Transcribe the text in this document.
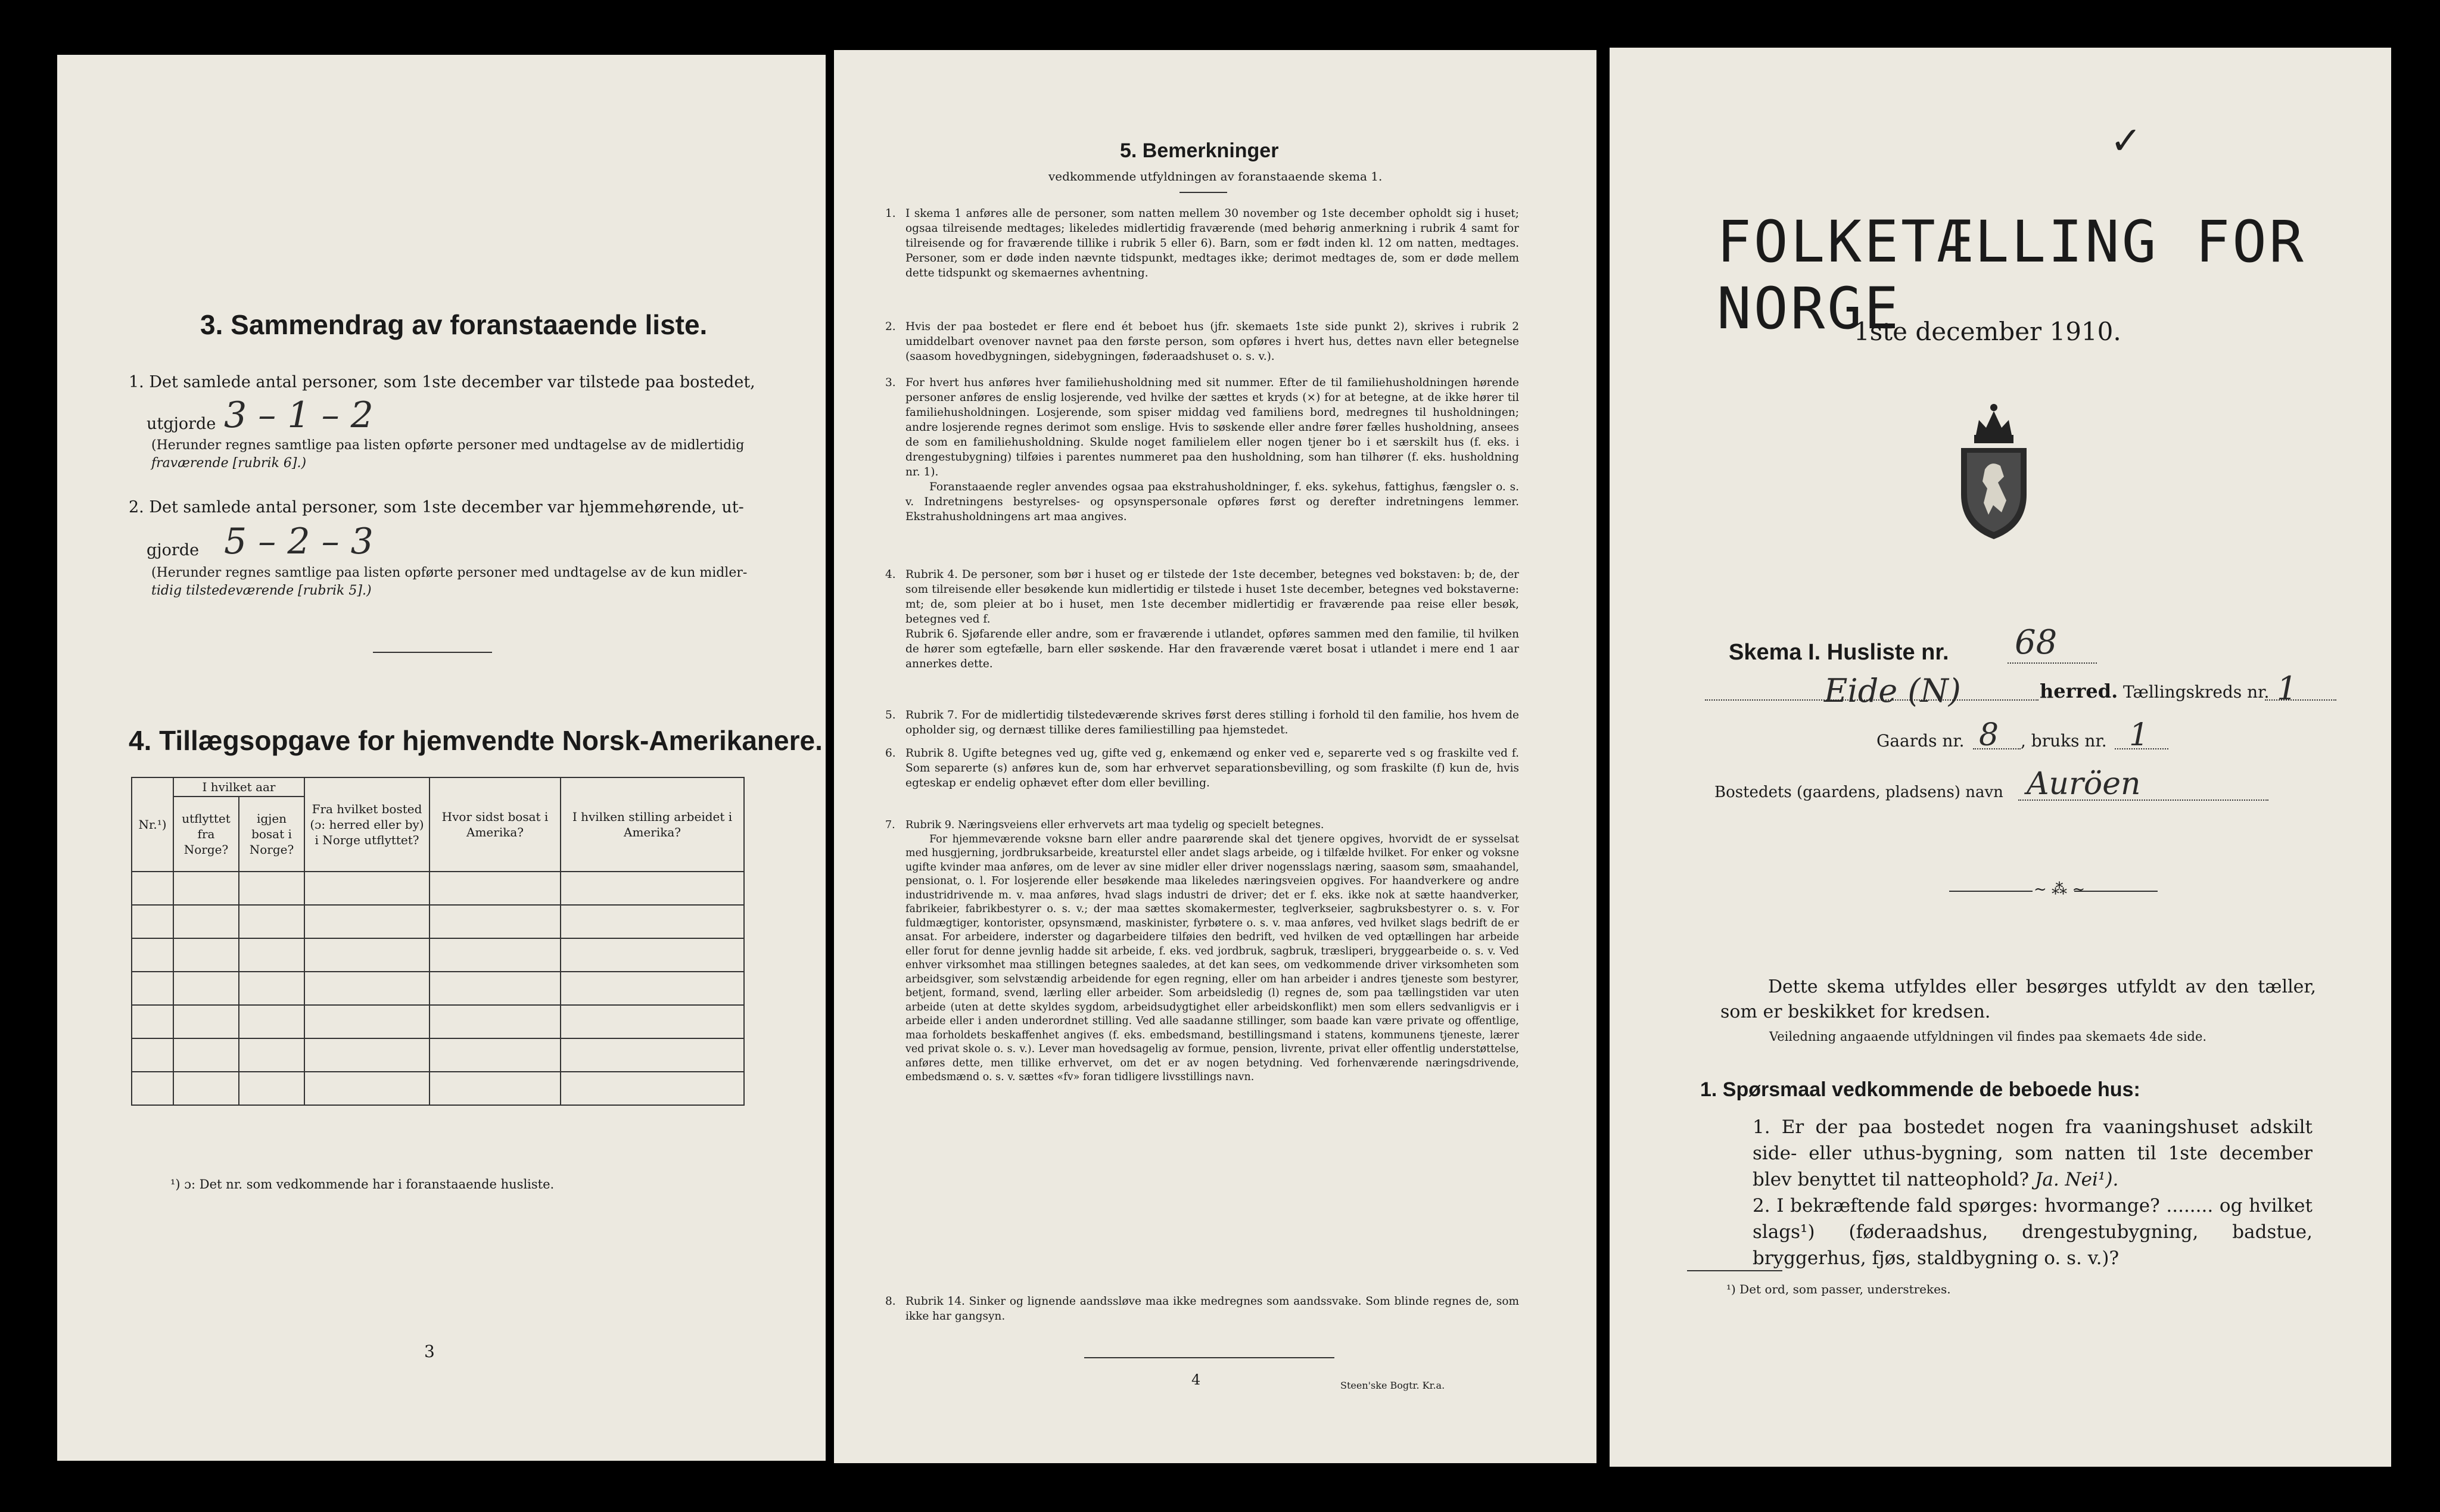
3. Sammendrag av foranstaaende liste.
1. Det samlede antal personer, som 1ste december var tilstede paa bostedet,
utgjorde 3 – 1 – 2
(Herunder regnes samtlige paa listen opførte personer med undtagelse av de midlertidig
fraværende [rubrik 6].)
2. Det samlede antal personer, som 1ste december var hjemmehørende, ut-
gjorde 5 – 2 – 3
(Herunder regnes samtlige paa listen opførte personer med undtagelse av de kun midler-
tidig tilstedeværende [rubrik 5].)
4. Tillægsopgave for hjemvendte Norsk-Amerikanere.
Nr.¹)	I hvilket aar		Fra hvilket bosted (ɔ: herred eller by) i Norge utflyttet?	Hvor sidst bosat i Amerika?	I hvilken stilling arbeidet i Amerika?
	utflyttet fra Norge?	igjen bosat i Norge?			

¹) ɔ: Det nr. som vedkommende har i foranstaaende husliste.
3
5. Bemerkninger
vedkommende utfyldningen av foranstaaende skema 1.
1. I skema 1 anføres alle de personer, som natten mellem 30 november og 1ste december opholdt sig i huset; ogsaa tilreisende medtages; likeledes midlertidig fraværende (med behørig anmerkning i rubrik 4 samt for tilreisende og for fraværende tillike i rubrik 5 eller 6). Barn, som er født inden kl. 12 om natten, medtages. Personer, som er døde inden nævnte tidspunkt, medtages ikke; derimot medtages de, som er døde mellem dette tidspunkt og skemaernes avhentning.

2. Hvis der paa bostedet er flere end ét beboet hus (jfr. skemaets 1ste side punkt 2), skrives i rubrik 2 umiddelbart ovenover navnet paa den første person, som opføres i hvert hus, dettes navn eller betegnelse (saasom hovedbygningen, sidebygningen, føderaadshuset o. s. v.).

3. For hvert hus anføres hver familiehusholdning med sit nummer. Efter de til familiehusholdningen hørende personer anføres de enslig losjerende, ved hvilke der sættes et kryds (×) for at betegne, at de ikke hører til familiehusholdningen. Losjerende, som spiser middag ved familiens bord, medregnes til husholdningen; andre losjerende regnes derimot som enslige. Hvis to søskende eller andre fører fælles husholdning, ansees de som en familiehusholdning. Skulde noget familielem eller nogen tjener bo i et særskilt hus (f. eks. i drengestubygning) tilføies i parentes nummeret paa den husholdning, som han tilhører (f. eks. husholdning nr. 1).

Foranstaaende regler anvendes ogsaa paa ekstrahusholdninger, f. eks. sykehus, fattighus, fængsler o. s. v. Indretningens bestyrelses- og opsynspersonale opføres først og derefter indretningens lemmer. Ekstrahusholdningens art maa angives.

4. Rubrik 4. De personer, som bør i huset og er tilstede der 1ste december, betegnes ved bokstaven: b; de, der som tilreisende eller besøkende kun midlertidig er tilstede i huset 1ste december, betegnes ved bokstaverne: mt; de, som pleier at bo i huset, men 1ste december midlertidig er fraværende paa reise eller besøk, betegnes ved f.

Rubrik 6. Sjøfarende eller andre, som er fraværende i utlandet, opføres sammen med den familie, til hvilken de hører som egtefælle, barn eller søskende. Har den fraværende været bosat i utlandet i mere end 1 aar annerkes dette.

5. Rubrik 7. For de midlertidig tilstedeværende skrives først deres stilling i forhold til den familie, hos hvem de opholder sig, og dernæst tillike deres familiestilling paa hjemstedet.

6. Rubrik 8. Ugifte betegnes ved ug, gifte ved g, enkemænd og enker ved e, separerte ved s og fraskilte ved f. Som separerte (s) anføres kun de, som har erhvervet separationsbevilling, og som fraskilte (f) kun de, hvis egteskap er endelig ophævet efter dom eller bevilling.

7. Rubrik 9. Næringsveiens eller erhvervets art maa tydelig og specielt betegnes.

For hjemmeværende voksne barn eller andre paarørende skal det tjenere opgives, hvorvidt de er sysselsat med husgjerning, jordbruksarbeide, kreaturstel eller andet slags arbeide, og i tilfælde hvilket. For enker og voksne ugifte kvinder maa anføres, om de lever av sine midler eller driver nogensslags næring, saasom søm, smaahandel, pensionat, o. l. For losjerende eller besøkende maa likeledes næringsveien opgives. For haandverkere og andre industridrivende m. v. maa anføres, hvad slags industri de driver; det er f. eks. ikke nok at sætte haandverker, fabrikeier, fabrikbestyrer o. s. v.; der maa sættes skomakermester, teglverkseier, sagbruksbestyrer o. s. v. For fuldmægtiger, kontorister, opsynsmænd, maskinister, fyrbøtere o. s. v. maa anføres, ved hvilket slags bedrift de er ansat. For arbeidere, inderster og dagarbeidere tilføies den bedrift, ved hvilken de ved optællingen har arbeide eller forut for denne jevnlig hadde sit arbeide, f. eks. ved jordbruk, sagbruk, træsliperi, bryggearbeide o. s. v. Ved enhver virksomhet maa stillingen betegnes saaledes, at det kan sees, om vedkommende driver virksomheten som arbeidsgiver, som selvstændig arbeidende for egen regning, eller om han arbeider i andres tjeneste som bestyrer, betjent, formand, svend, lærling eller arbeider. Som arbeidsledig (l) regnes de, som paa tællingstiden var uten arbeide (uten at dette skyldes sygdom, arbeidsudygtighet eller arbeidskonflikt) men som ellers sedvanligvis er i arbeide eller i anden underordnet stilling. Ved alle saadanne stillinger, som baade kan være private og offentlige, maa forholdets beskaffenhet angives (f. eks. embedsmand, bestillingsmand i statens, kommunens tjeneste, lærer ved privat skole o. s. v.). Lever man hovedsagelig av formue, pension, livrente, privat eller offentlig understøttelse, anføres dette, men tillike erhvervet, om det er av nogen betydning. Ved forhenværende næringsdrivende, embedsmænd o. s. v. sættes «fv» foran tidligere livsstillings navn.

8. Rubrik 14. Sinker og lignende aandssløve maa ikke medregnes som aandssvake. Som blinde regnes de, som ikke har gangsyn.

4	Steen'ske Bogtr. Kr.a.
✓
FOLKETÆLLING FOR NORGE
1ste december 1910.
Skema I. Husliste nr. 68
Eide (N)	herred. Tællingskreds nr. 1
Gaards nr. 8 , bruks nr. 1
Bostedets (gaardens, pladsens) navn Auröen
~ ⁂ ~
Dette skema utfyldes eller besørges utfyldt av den tæller, som er beskikket for kredsen.
Veiledning angaaende utfyldningen vil findes paa skemaets 4de side.
1. Spørsmaal vedkommende de beboede hus:
1. Er der paa bostedet nogen fra vaaningshuset adskilt side- eller uthus-bygning, som natten til 1ste december blev benyttet til natteophold? Ja. Nei¹).
2. I bekræftende fald spørges: hvormange? ........ og hvilket slags¹) (føderaadshus, drengestubygning, badstue, bryggerhus, fjøs, staldbygning o. s. v.)?
¹) Det ord, som passer, understrekes.
